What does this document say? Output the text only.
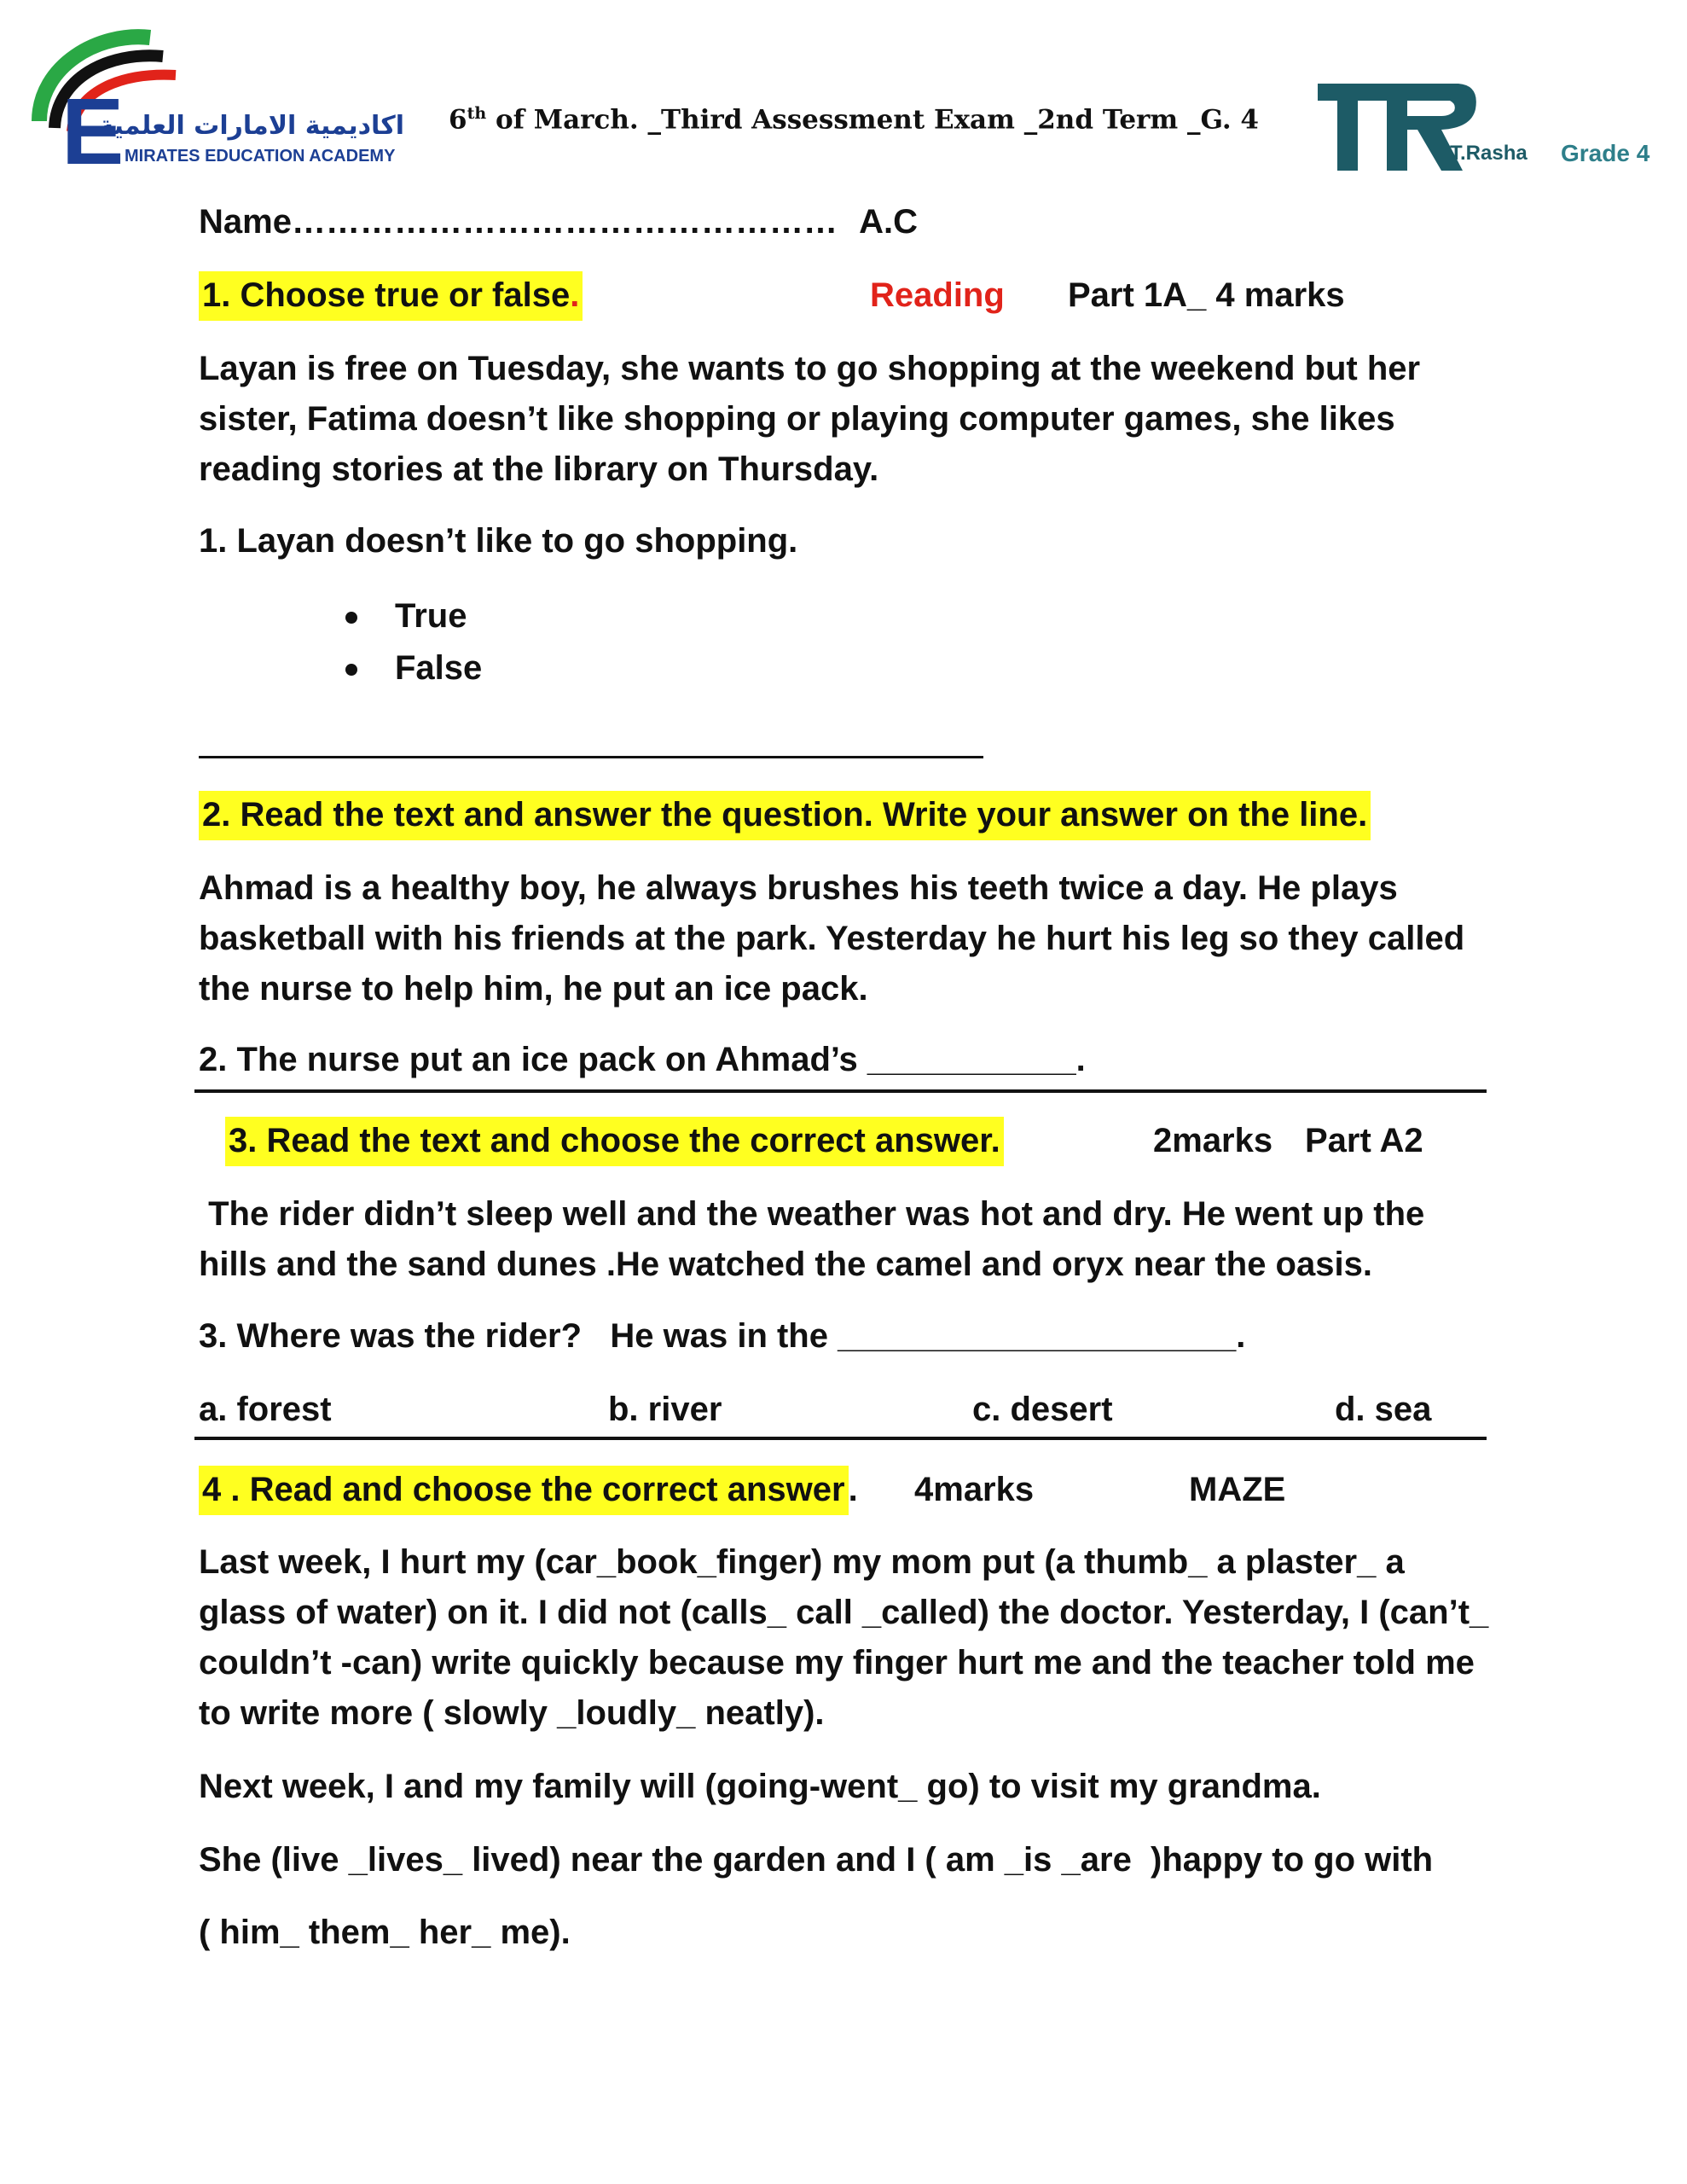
E
اكاديمية الامارات العلمية
MIRATES EDUCATION ACADEMY
6th of March. _Third Assessment Exam _2nd Term _G. 4
T.Rasha Grade 4
Name………………………………………… A.C
1. Choose true or false.	Reading Part 1A_ 4 marks
Layan is free on Tuesday, she wants to go shopping at the weekend but her sister, Fatima doesn’t like shopping or playing computer games, she likes reading stories at the library on Thursday.
1. Layan doesn’t like to go shopping.
True
False
2. Read the text and answer the question. Write your answer on the line.
Ahmad is a healthy boy, he always brushes his teeth twice a day. He plays basketball with his friends at the park. Yesterday he hurt his leg so they called the nurse to help him, he put an ice pack.
2. The nurse put an ice pack on Ahmad’s ___________.
3. Read the text and choose the correct answer.	2marks Part A2
The rider didn’t sleep well and the weather was hot and dry. He went up the hills and the sand dunes .He watched the camel and oryx near the oasis.
3. Where was the rider?   He was in the _____________________.
a. forest	b. river	c. desert	d. sea
4 . Read and choose the correct answer . 4marks	MAZE
Last week, I hurt my (car_book_finger) my mom put (a thumb_ a plaster_ a glass of water) on it. I did not (calls_ call _called) the doctor. Yesterday, I (can’t_ couldn’t -can) write quickly because my finger hurt me and the teacher told me to write more ( slowly _loudly_ neatly).
Next week, I and my family will (going-went_ go) to visit my grandma.
She (live _lives_ lived) near the garden and I ( am _is _are  )happy to go with
( him_ them_ her_ me).
